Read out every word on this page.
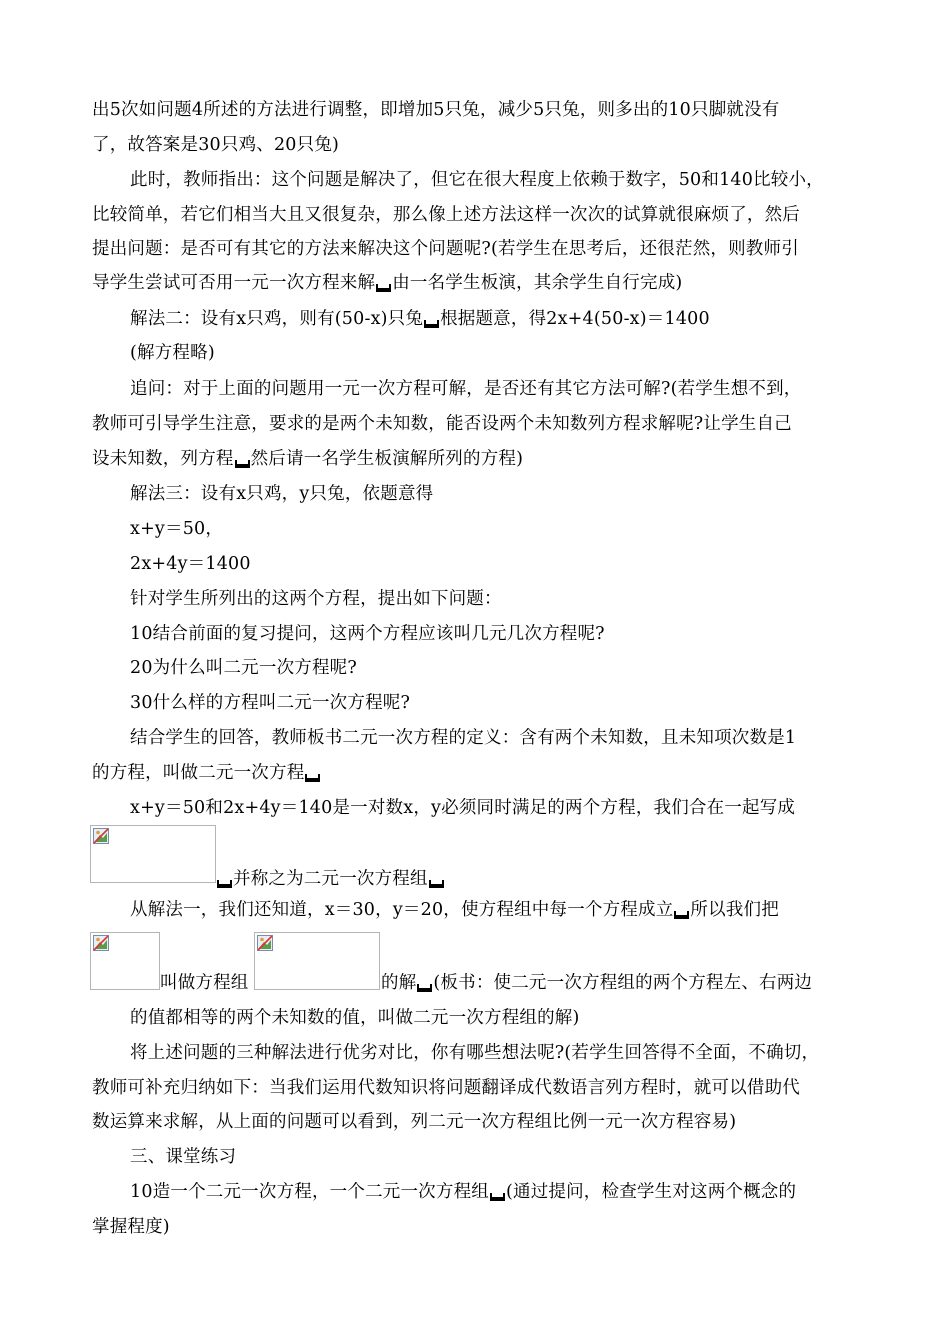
出5次如问题4所述的方法进行调整，即增加5只兔，减少5只兔，则多出的10只脚就没有
了，故答案是30只鸡、20只兔)
此时，教师指出：这个问题是解决了，但它在很大程度上依赖于数字，50和140比较小，
比较简单，若它们相当大且又很复杂，那么像上述方法这样一次次的试算就很麻烦了，然后
提出问题：是否可有其它的方法来解决这个问题呢?(若学生在思考后，还很茫然，则教师引
导学生尝试可否用一元一次方程来解 由一名学生板演，其余学生自行完成)
解法二：设有x只鸡，则有(50-x)只兔 根据题意，得2x+4(50-x)＝1400
(解方程略)
追问：对于上面的问题用一元一次方程可解，是否还有其它方法可解?(若学生想不到，
教师可引导学生注意，要求的是两个未知数，能否设两个未知数列方程求解呢?让学生自己
设未知数，列方程 然后请一名学生板演解所列的方程)
解法三：设有x只鸡，y只兔，依题意得
x+y＝50，
2x+4y＝1400
针对学生所列出的这两个方程，提出如下问题：
10结合前面的复习提问，这两个方程应该叫几元几次方程呢?
20为什么叫二元一次方程呢?
30什么样的方程叫二元一次方程呢?
结合学生的回答，教师板书二元一次方程的定义：含有两个未知数，且未知项次数是1
的方程，叫做二元一次方程
x+y＝50和2x+4y＝140是一对数x，y必须同时满足的两个方程，我们合在一起写成
并称之为二元一次方程组
从解法一，我们还知道，x＝30，y＝20，使方程组中每一个方程成立 所以我们把
叫做方程组	的解 (板书：使二元一次方程组的两个方程左、右两边
的值都相等的两个未知数的值，叫做二元一次方程组的解)
将上述问题的三种解法进行优劣对比，你有哪些想法呢?(若学生回答得不全面，不确切，
教师可补充归纳如下：当我们运用代数知识将问题翻译成代数语言列方程时，就可以借助代
数运算来求解，从上面的问题可以看到，列二元一次方程组比例一元一次方程容易)
三、课堂练习
10造一个二元一次方程，一个二元一次方程组 (通过提问，检查学生对这两个概念的
掌握程度)
